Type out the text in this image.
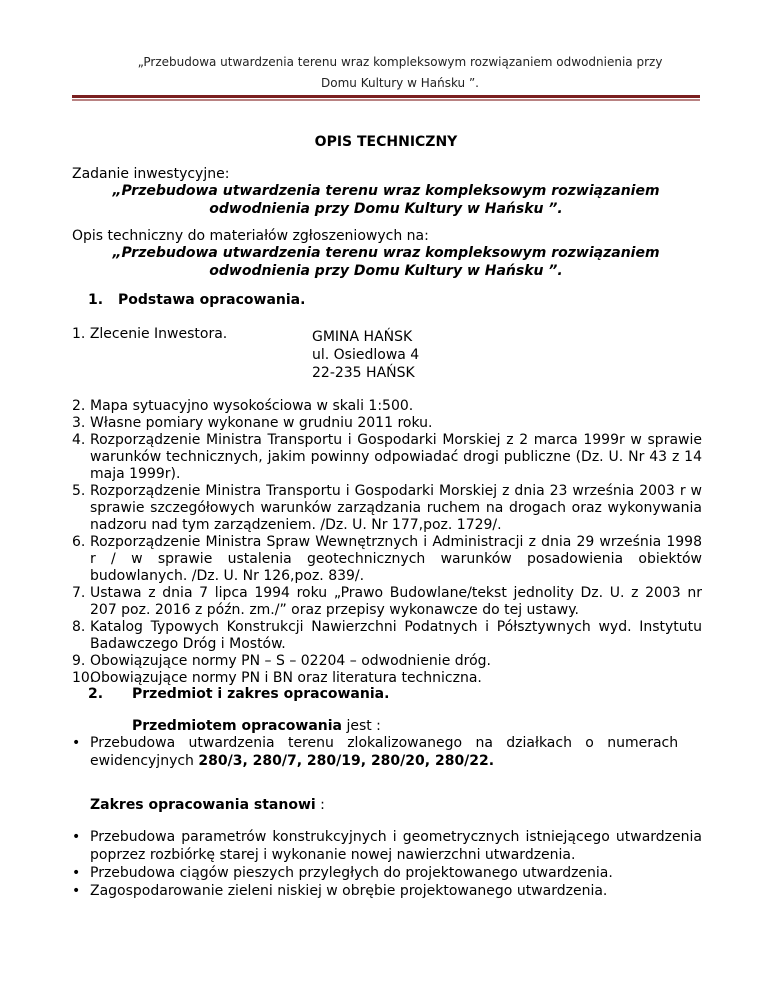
„Przebudowa utwardzenia terenu wraz kompleksowym rozwiązaniem odwodnienia przy
Domu Kultury w Hańsku ”.
OPIS TECHNICZNY
Zadanie inwestycyjne:
„Przebudowa utwardzenia terenu wraz kompleksowym rozwiązaniem
odwodnienia przy Domu Kultury w Hańsku ”.
Opis techniczny do materiałów zgłoszeniowych na:
„Przebudowa utwardzenia terenu wraz kompleksowym rozwiązaniem
odwodnienia przy Domu Kultury w Hańsku ”.
1. Podstawa opracowania.
1. Zlecenie Inwestora.	GMINA HAŃSK
ul. Osiedlowa 4
22-235 HAŃSK
2. Mapa sytuacyjno wysokościowa w skali 1:500.
3. Własne pomiary wykonane w grudniu 2011 roku.
4. Rozporządzenie Ministra Transportu i Gospodarki Morskiej z 2 marca 1999r w sprawie warunków technicznych, jakim powinny odpowiadać drogi publiczne (Dz. U. Nr 43 z 14 maja 1999r).
5. Rozporządzenie Ministra Transportu i Gospodarki Morskiej z dnia 23 września 2003 r w sprawie szczegółowych warunków zarządzania ruchem na drogach oraz wykonywania nadzoru nad tym zarządzeniem. /Dz. U. Nr 177,poz. 1729/.
6. Rozporządzenie Ministra Spraw Wewnętrznych i Administracji z dnia 29 września 1998 r / w sprawie ustalenia geotechnicznych warunków posadowienia obiektów budowlanych. /Dz. U. Nr 126,poz. 839/.
7. Ustawa z dnia 7 lipca 1994 roku „Prawo Budowlane/tekst jednolity Dz. U. z 2003 nr 207 poz. 2016 z późn. zm./” oraz przepisy wykonawcze do tej ustawy.
8. Katalog Typowych Konstrukcji Nawierzchni Podatnych i Półsztywnych wyd. Instytutu Badawczego Dróg i Mostów.
9. Obowiązujące normy PN – S – 02204 – odwodnienie dróg.
10.
Obowiązujące normy PN i BN oraz literatura techniczna.
2. Przedmiot i zakres opracowania.
Przedmiotem opracowania jest :
• Przebudowa   utwardzenia   terenu   zlokalizowanego   na   działkach   o   numerach
ewidencyjnych 280/3, 280/7, 280/19, 280/20, 280/22.
Zakres opracowania stanowi :
• Przebudowa parametrów konstrukcyjnych i geometrycznych istniejącego utwardzenia poprzez rozbiórkę starej i wykonanie nowej nawierzchni utwardzenia.
• Przebudowa ciągów pieszych przyległych do projektowanego utwardzenia.
• Zagospodarowanie zieleni niskiej w obrębie projektowanego utwardzenia.
